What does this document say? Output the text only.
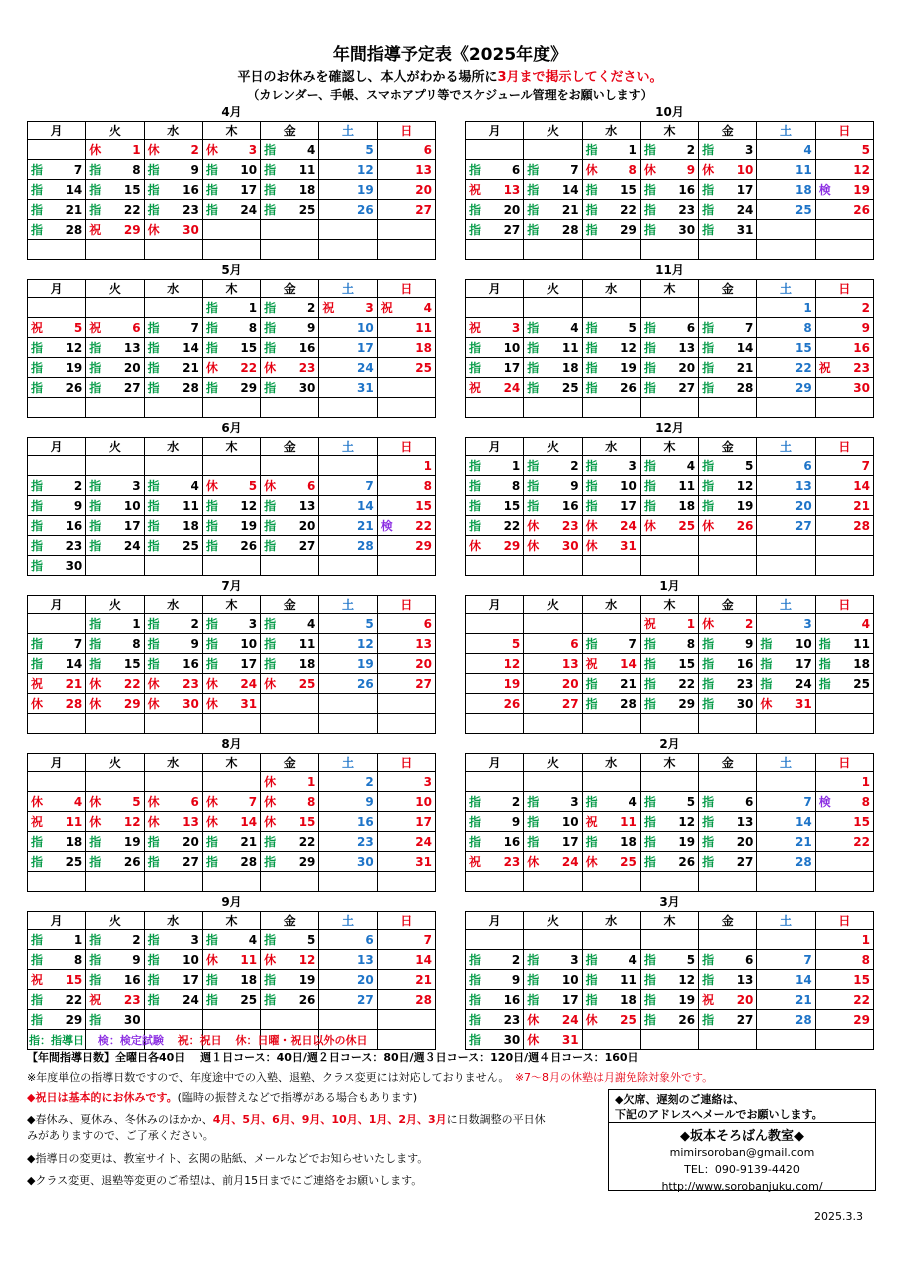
年間指導予定表《2025年度》
平日のお休みを確認し、本人がわかる場所に3月まで掲示してください。
（カレンダー、手帳、スマホアプリ等でスケジュール管理をお願いします）
4月
月	火	水	木	金	土	日

	休 1	休 2	休 3	指 4	5	6

指 7	指 8	指 9	指 10	指 11	12	13

指 14	指 15	指 16	指 17	指 18	19	20

指 21	指 22	指 23	指 24	指 25	26	27

指 28	祝 29	休 30				

5月
月	火	水	木	金	土	日

			指 1	指 2	祝 3	祝 4

祝 5	祝 6	指 7	指 8	指 9	10	11

指 12	指 13	指 14	指 15	指 16	17	18

指 19	指 20	指 21	休 22	休 23	24	25

指 26	指 27	指 28	指 29	指 30	31	

6月
月	火	水	木	金	土	日

						1

指 2	指 3	指 4	休 5	休 6	7	8

指 9	指 10	指 11	指 12	指 13	14	15

指 16	指 17	指 18	指 19	指 20	21	検 22

指 23	指 24	指 25	指 26	指 27	28	29

指 30						

7月
月	火	水	木	金	土	日

	指 1	指 2	指 3	指 4	5	6

指 7	指 8	指 9	指 10	指 11	12	13

指 14	指 15	指 16	指 17	指 18	19	20

祝 21	休 22	休 23	休 24	休 25	26	27

休 28	休 29	休 30	休 31			

8月
月	火	水	木	金	土	日

				休 1	2	3

休 4	休 5	休 6	休 7	休 8	9	10

祝 11	休 12	休 13	休 14	休 15	16	17

指 18	指 19	指 20	指 21	指 22	23	24

指 25	指 26	指 27	指 28	指 29	30	31

9月
月	火	水	木	金	土	日

指 1	指 2	指 3	指 4	指 5	6	7

指 8	指 9	指 10	休 11	休 12	13	14

祝 15	指 16	指 17	指 18	指 19	20	21

指 22	祝 23	指 24	指 25	指 26	27	28

指 29	指 30					

10月
月	火	水	木	金	土	日

		指 1	指 2	指 3	4	5

指 6	指 7	休 8	休 9	休 10	11	12

祝 13	指 14	指 15	指 16	指 17	18	検 19

指 20	指 21	指 22	指 23	指 24	25	26

指 27	指 28	指 29	指 30	指 31		

11月
月	火	水	木	金	土	日

					1	2

祝 3	指 4	指 5	指 6	指 7	8	9

指 10	指 11	指 12	指 13	指 14	15	16

指 17	指 18	指 19	指 20	指 21	22	祝 23

祝 24	指 25	指 26	指 27	指 28	29	30

12月
月	火	水	木	金	土	日

指 1	指 2	指 3	指 4	指 5	6	7

指 8	指 9	指 10	指 11	指 12	13	14

指 15	指 16	指 17	指 18	指 19	20	21

指 22	休 23	休 24	休 25	休 26	27	28

休 29	休 30	休 31				

1月
月	火	水	木	金	土	日

			祝 1	休 2	3	4

5	6	指 7	指 8	指 9	指 10	指 11

12	13	祝 14	指 15	指 16	指 17	指 18

19	20	指 21	指 22	指 23	指 24	指 25

26	27	指 28	指 29	指 30	休 31	

2月
月	火	水	木	金	土	日

						1

指 2	指 3	指 4	指 5	指 6	7	検 8

指 9	指 10	祝 11	指 12	指 13	14	15

指 16	指 17	指 18	指 19	指 20	21	22

祝 23	休 24	休 25	指 26	指 27	28	

3月
月	火	水	木	金	土	日

						1

指 2	指 3	指 4	指 5	指 6	7	8

指 9	指 10	指 11	指 12	指 13	14	15

指 16	指 17	指 18	指 19	祝 20	21	22

指 23	休 24	休 25	指 26	指 27	28	29

指 30	休 31					

指：指導日 検：検定試験 祝：祝日 休：日曜・祝日以外の休日
【年間指導日数】全曜日各40日　 週１日コース：40日/週２日コース：80日/週３日コース：120日/週４日コース：160日
※年度単位の指導日数ですので、年度途中での入塾、退塾、クラス変更には対応しておりません。　 ※7～8月の休塾は月謝免除対象外です。
◆祝日は基本的にお休みです。(臨時の振替えなどで指導がある場合もあります)
◆春休み、夏休み、冬休みのほかか、4月、5月、6月、9月、10月、1月、2月、3月に日数調整の平日休
みがありますので、ご了承ください。
◆指導日の変更は、教室サイト、玄関の貼紙、メールなどでお知らせいたします。
◆クラス変更、退塾等変更のご希望は、前月15日までにご連絡をお願いします。
◆欠席、遅刻のご連絡は、
下記のアドレスへメールでお願いします。
◆坂本そろばん教室◆
mimirsoroban@gmail.com
TEL：090-9139-4420
http://www.sorobanjuku.com/
2025.3.3
